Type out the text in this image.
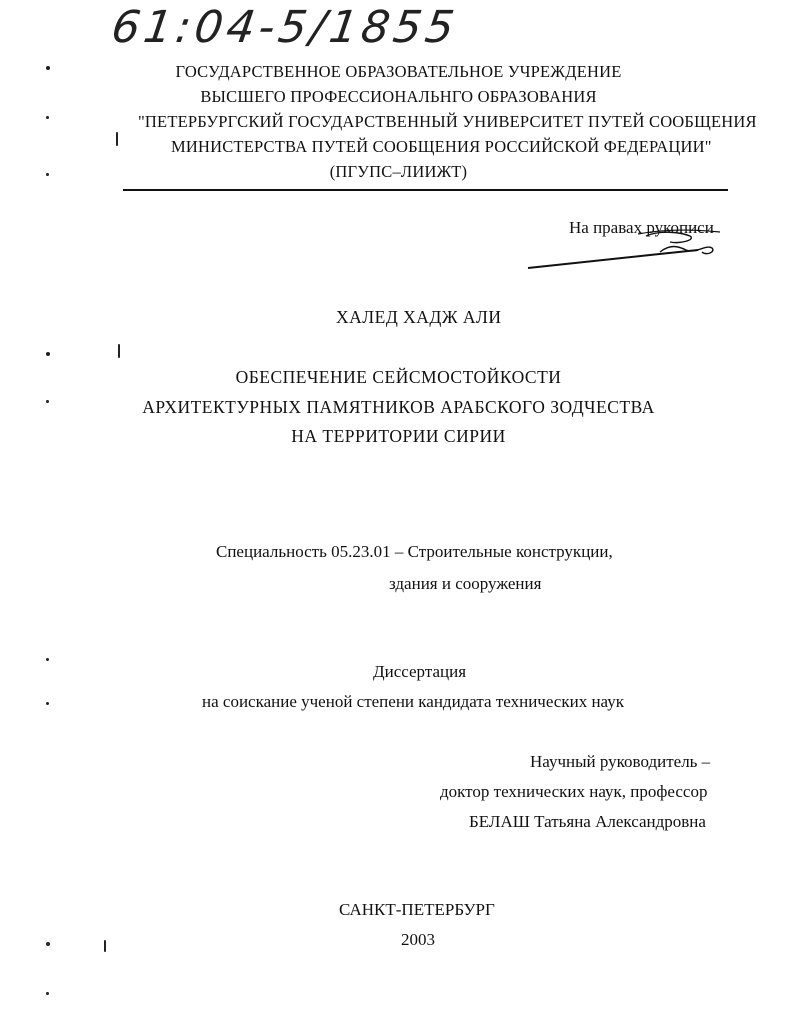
61:04-5/1855
ГОСУДАРСТВЕННОЕ ОБРАЗОВАТЕЛЬНОЕ УЧРЕЖДЕНИЕ
ВЫСШЕГО ПРОФЕССИОНАЛЬНГО ОБРАЗОВАНИЯ
"ПЕТЕРБУРГСКИЙ ГОСУДАРСТВЕННЫЙ УНИВЕРСИТЕТ ПУТЕЙ СООБЩЕНИЯ
МИНИСТЕРСТВА ПУТЕЙ СООБЩЕНИЯ РОССИЙСКОЙ ФЕДЕРАЦИИ"
(ПГУПС–ЛИИЖТ)
На правах рукописи
ХАЛЕД ХАДЖ АЛИ
ОБЕСПЕЧЕНИЕ СЕЙСМОСТОЙКОСТИ
АРХИТЕКТУРНЫХ ПАМЯТНИКОВ АРАБСКОГО ЗОДЧЕСТВА
НА ТЕРРИТОРИИ СИРИИ
Специальность 05.23.01 – Строительные конструкции,
здания и сооружения
Диссертация
на соискание ученой степени кандидата технических наук
Научный руководитель –
доктор технических наук, профессор
БЕЛАШ Татьяна Александровна
САНКТ-ПЕТЕРБУРГ
2003
